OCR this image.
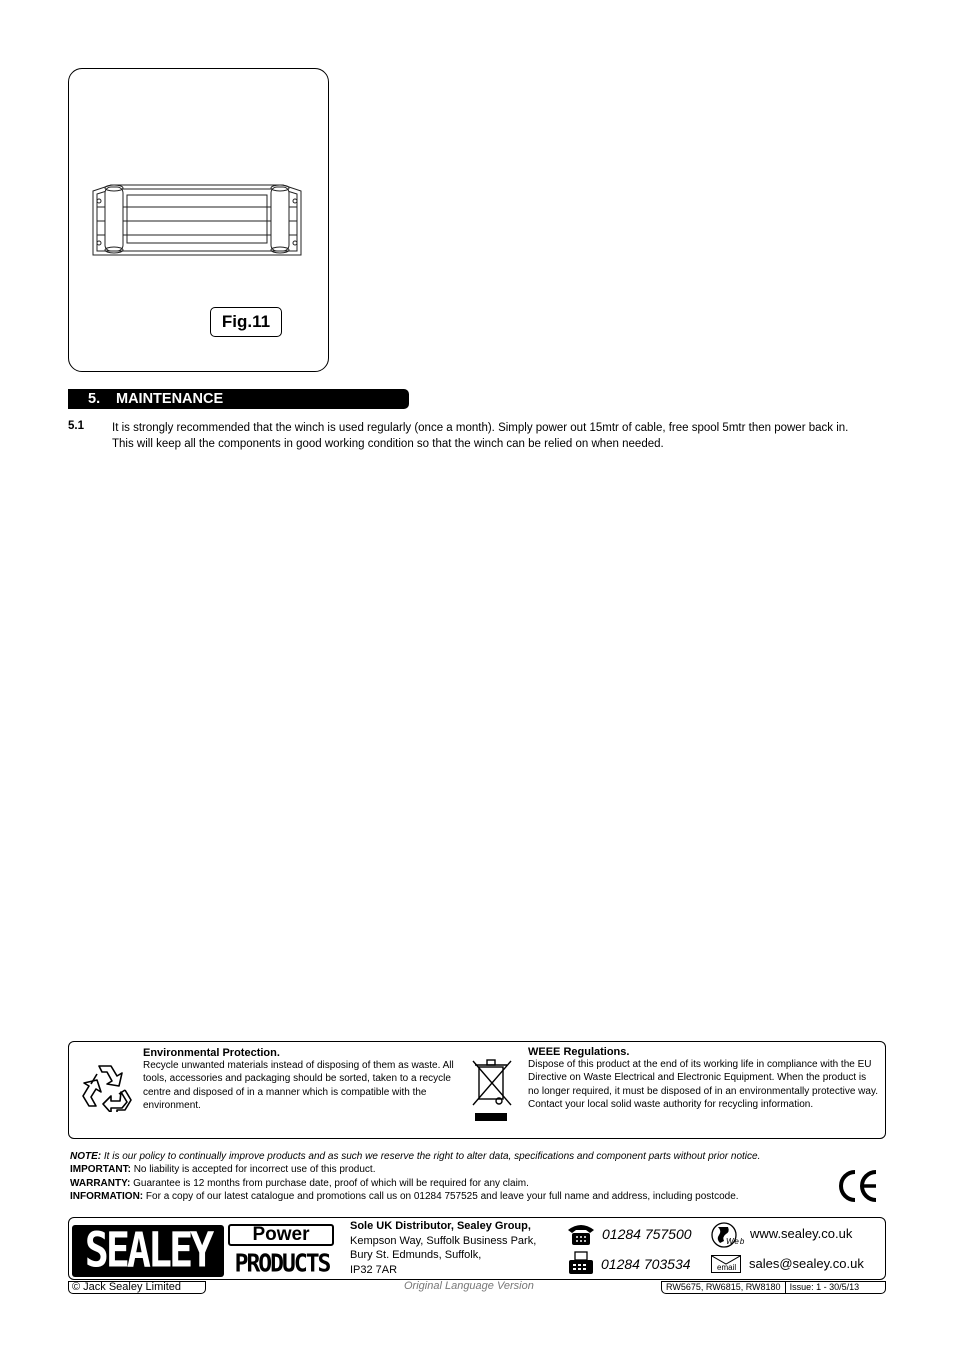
Fig.11
5.	MAINTENANCE
5.1 It is strongly recommended that the winch is used regularly (once a month). Simply power out 15mtr of cable, free spool 5mtr then power back in. This will keep all the components in good working condition so that the winch can be relied on when needed.
Environmental Protection.
Recycle unwanted materials instead of disposing of them as waste. All tools, accessories and packaging should be sorted, taken to a recycle centre and disposed of in a manner which is compatible with the environment.
WEEE Regulations.
Dispose of this product at the end of its working life in compliance with the EU Directive on Waste Electrical and Electronic Equipment. When the product is no longer required, it must be disposed of in an environmentally protective way. Contact your local solid waste authority for recycling information.
NOTE: It is our policy to continually improve products and as such we reserve the right to alter data, specifications and component parts without prior notice.
IMPORTANT: No liability is accepted for incorrect use of this product.
WARRANTY: Guarantee is 12 months from purchase date, proof of which will be required for any claim.
INFORMATION: For a copy of our latest catalogue and promotions call us on 01284 757525 and leave your full name and address, including postcode.
SEALEY	Power
PRODUCTS
Sole UK Distributor, Sealey Group,
Kempson Way, Suffolk Business Park,
Bury St. Edmunds, Suffolk,
IP32 7AR
01284 757500
01284 703534
Web
www.sealey.co.uk
email sales@sealey.co.uk
© Jack Sealey Limited	Original Language Version	RW5675, RW6815, RW8180	Issue: 1 - 30/5/13
